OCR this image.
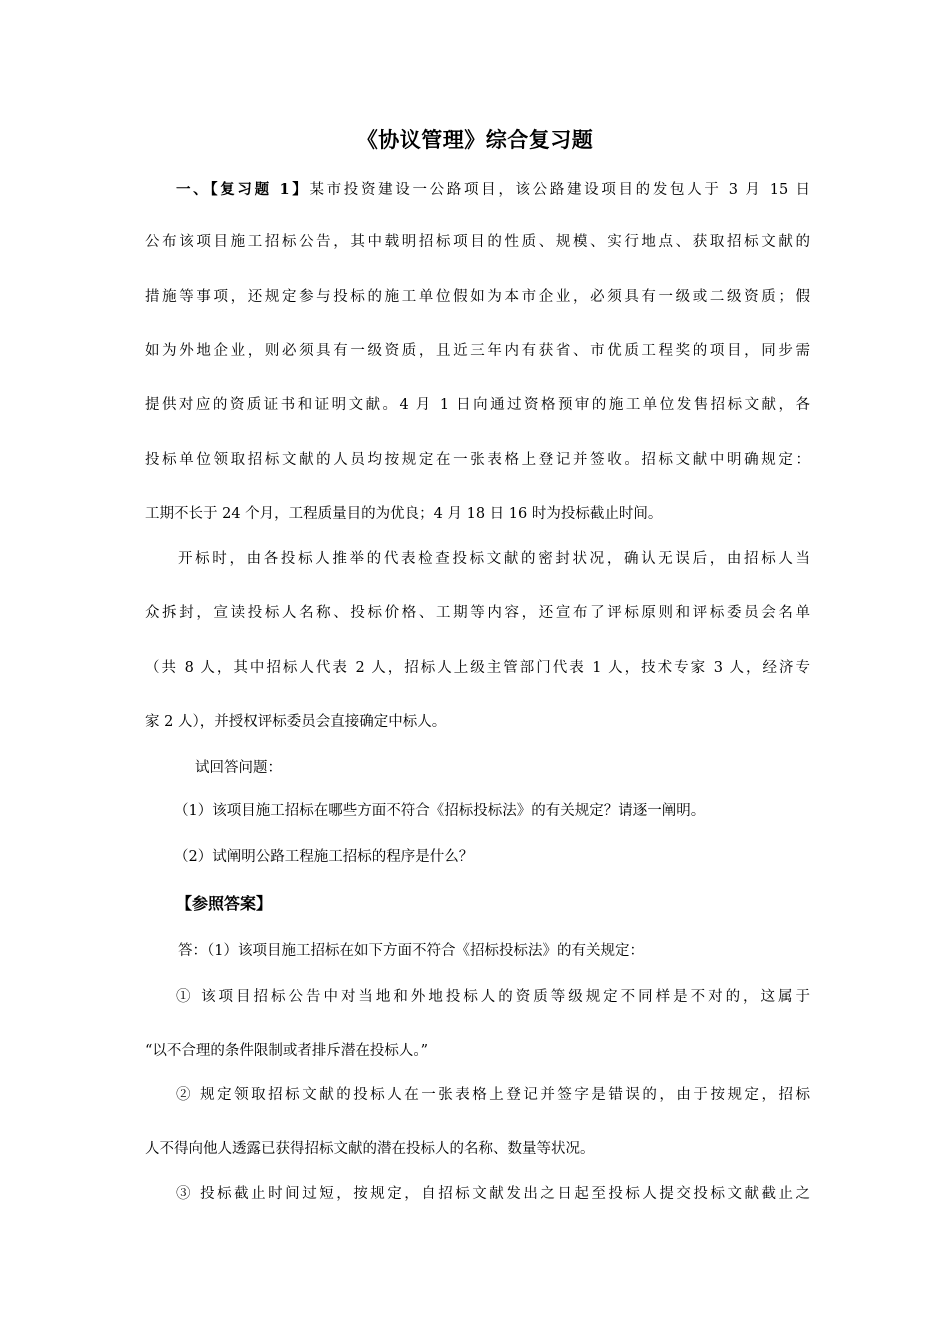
《协议管理》综合复习题
一、【复习题 1】某市投资建设一公路项目，该公路建设项目的发包人于 3 月 15 日
公布该项目施工招标公告，其中载明招标项目的性质、规模、实行地点、获取招标文献的
措施等事项，还规定参与投标的施工单位假如为本市企业，必须具有一级或二级资质；假
如为外地企业，则必须具有一级资质，且近三年内有获省、市优质工程奖的项目，同步需
提供对应的资质证书和证明文献。4 月 1 日向通过资格预审的施工单位发售招标文献，各
投标单位领取招标文献的人员均按规定在一张表格上登记并签收。招标文献中明确规定：
工期不长于 24 个月，工程质量目的为优良；4 月 18 日 16 时为投标截止时间。
开标时，由各投标人推举的代表检查投标文献的密封状况，确认无误后，由招标人当
众拆封，宣读投标人名称、投标价格、工期等内容，还宣布了评标原则和评标委员会名单
（共 8 人，其中招标人代表 2 人，招标人上级主管部门代表 1 人，技术专家 3 人，经济专
家 2 人），并授权评标委员会直接确定中标人。
试回答问题：
（1）该项目施工招标在哪些方面不符合《招标投标法》的有关规定？请逐一阐明。
（2）试阐明公路工程施工招标的程序是什么？
【参照答案】
答：（1）该项目施工招标在如下方面不符合《招标投标法》的有关规定：
① 该项目招标公告中对当地和外地投标人的资质等级规定不同样是不对的，这属于
“以不合理的条件限制或者排斥潜在投标人。”
② 规定领取招标文献的投标人在一张表格上登记并签字是错误的，由于按规定，招标
人不得向他人透露已获得招标文献的潜在投标人的名称、数量等状况。
③ 投标截止时间过短，按规定，自招标文献发出之日起至投标人提交投标文献截止之
